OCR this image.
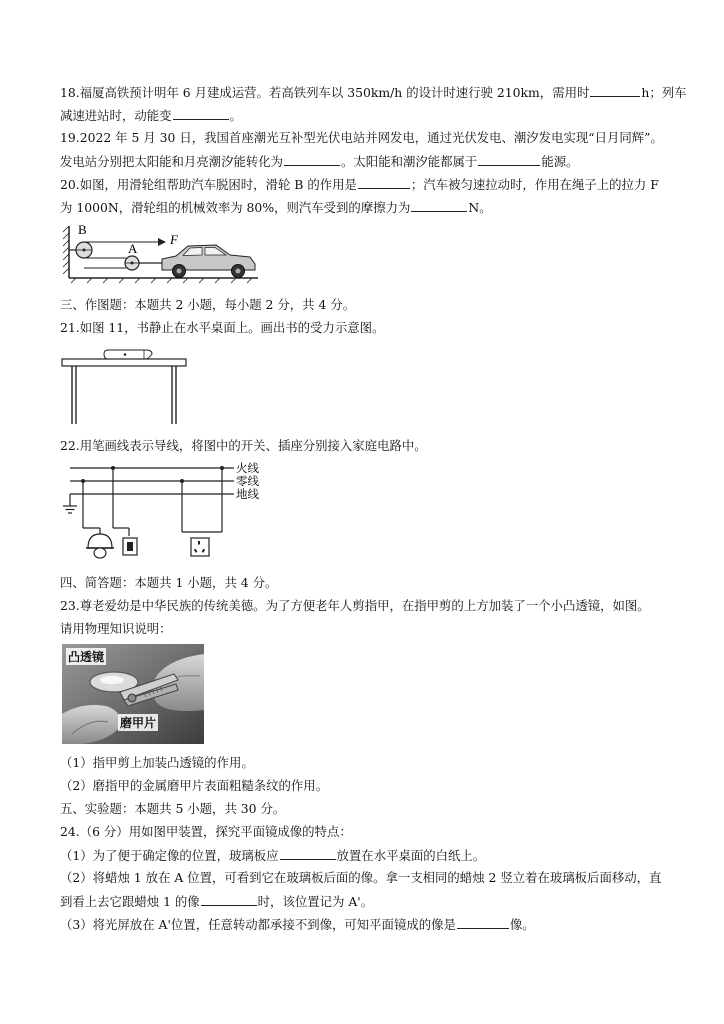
18.福厦高铁预计明年 6 月建成运营。若高铁列车以 350km/h 的设计时速行驶 210km，需用时	h；列车
减速进站时，动能变	。
19.2022 年 5 月 30 日，我国首座潮光互补型光伏电站并网发电，通过光伏发电、潮汐发电实现“日月同辉”。
发电站分别把太阳能和月亮潮汐能转化为	。太阳能和潮汐能都属于	能源。
20.如图，用滑轮组帮助汽车脱困时，滑轮 B 的作用是	；汽车被匀速拉动时，作用在绳子上的拉力 F
为 1000N，滑轮组的机械效率为 80%，则汽车受到的摩擦力为	N。
B
A
F
三、作图题：本题共 2 小题，每小题 2 分，共 4 分。
21.如图 11，书静止在水平桌面上。画出书的受力示意图。
22.用笔画线表示导线，将图中的开关、插座分别接入家庭电路中。
火线
零线
地线
四、简答题：本题共 1 小题，共 4 分。
23.尊老爱幼是中华民族的传统美德。为了方便老年人剪指甲，在指甲剪的上方加装了一个小凸透镜，如图。
请用物理知识说明：
凸透镜
磨甲片
（1）指甲剪上加装凸透镜的作用。
（2）磨指甲的金属磨甲片表面粗糙条纹的作用。
五、实验题：本题共 5 小题，共 30 分。
24.（6 分）用如图甲装置，探究平面镜成像的特点：
（1）为了便于确定像的位置，玻璃板应	放置在水平桌面的白纸上。
（2）将蜡烛 1 放在 A 位置，可看到它在玻璃板后面的像。拿一支相同的蜡烛 2 竖立着在玻璃板后面移动，直
到看上去它跟蜡烛 1 的像	时，该位置记为 A'。
（3）将光屏放在 A'位置，任意转动都承接不到像，可知平面镜成的像是	像。
